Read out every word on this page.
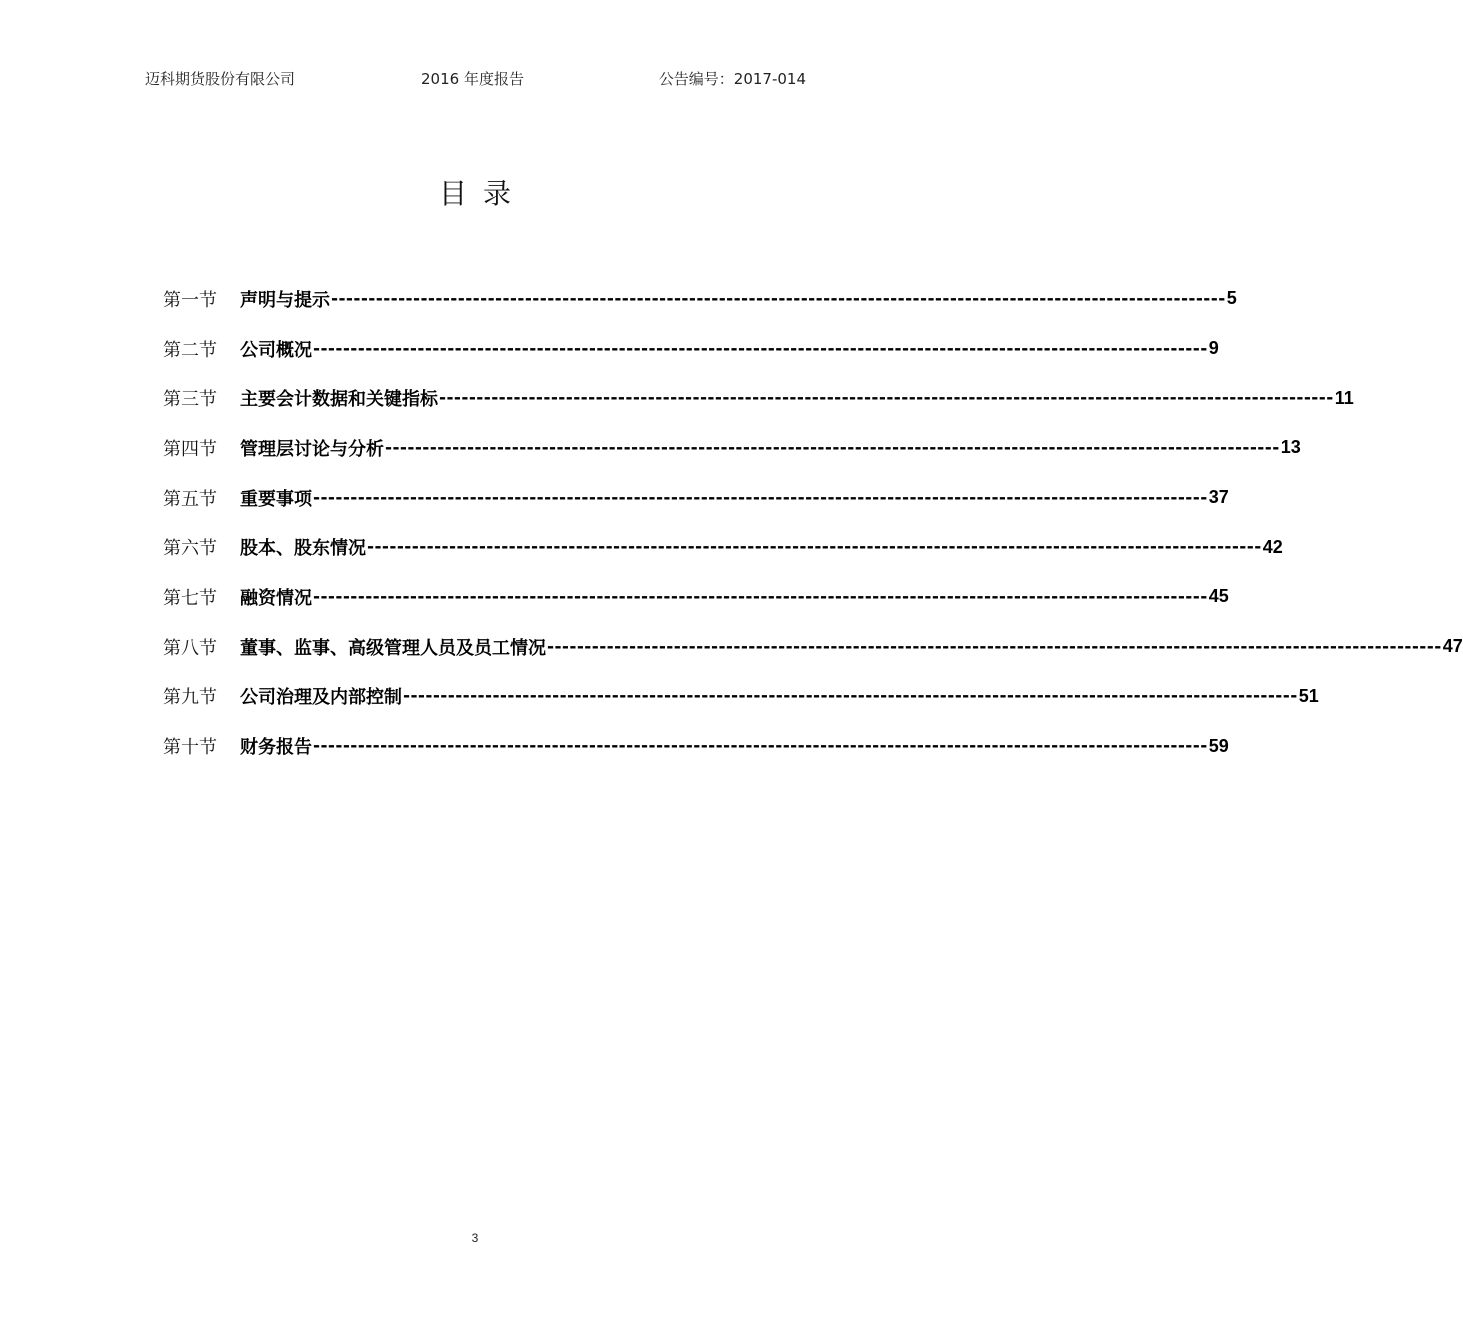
迈科期货股份有限公司	2016 年度报告	公告编号：2017-014
目录
第一节	声明与提示 ------------------------------------------------------------------------------------------------------------------------ 5
第二节	公司概况 ------------------------------------------------------------------------------------------------------------------------ 9
第三节	主要会计数据和关键指标 ------------------------------------------------------------------------------------------------------------------------ 11
第四节	管理层讨论与分析 ------------------------------------------------------------------------------------------------------------------------ 13
第五节	重要事项 ------------------------------------------------------------------------------------------------------------------------ 37
第六节	股本、股东情况 ------------------------------------------------------------------------------------------------------------------------ 42
第七节	融资情况 ------------------------------------------------------------------------------------------------------------------------ 45
第八节	董事、监事、高级管理人员及员工情况 ------------------------------------------------------------------------------------------------------------------------ 47
第九节	公司治理及内部控制 ------------------------------------------------------------------------------------------------------------------------ 51
第十节	财务报告 ------------------------------------------------------------------------------------------------------------------------ 59
3
